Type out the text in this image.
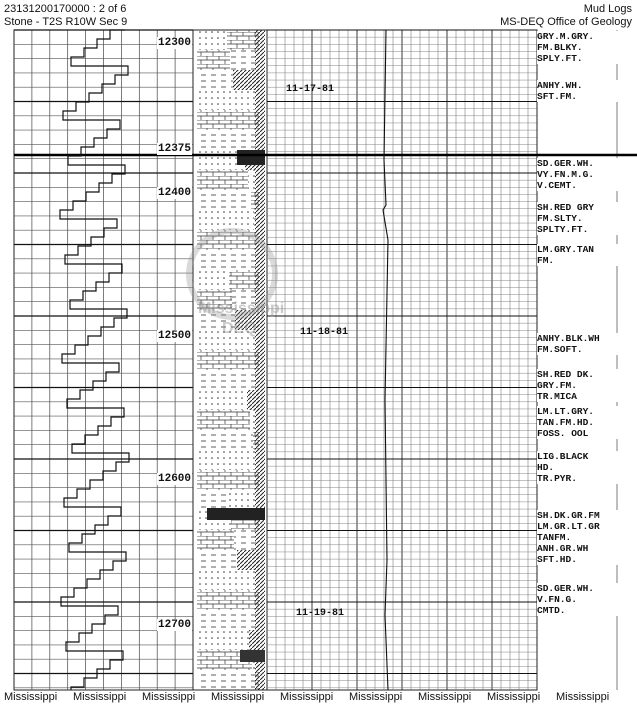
23131200170000 : 2 of 6
Stone - T2S R10W Sec 9
Mud Logs
MS-DEQ Office of Geology
Mississippi
DEQ
12300
12375
12400
12500
12600
12700
11-17-81
11-18-81
11-19-81
GRY.M.GRY.
FM.BLKY.
SPLY.FT.
ANHY.WH.
SFT.FM.
SD.GER.WH.
VY.FN.M.G.
V.CEMT.
SH.RED GRY
FM.SLTY.
SPLTY.FT.
LM.GRY.TAN
FM.
ANHY.BLK.WH
FM.SOFT.
SH.RED DK.
GRY.FM.
TR.MICA
LM.LT.GRY.
TAN.FM.HD.
FOSS. OOL
LIG.BLACK
HD.
TR.PYR.
SH.DK.GR.FM
LM.GR.LT.GR
TANFM.
ANH.GR.WH
SFT.HD.
SD.GER.WH.
V.FN.G.
CMTD.
Mississippi Mississippi Mississippi Mississippi Mississippi Mississippi Mississippi Mississippi Mississippi
